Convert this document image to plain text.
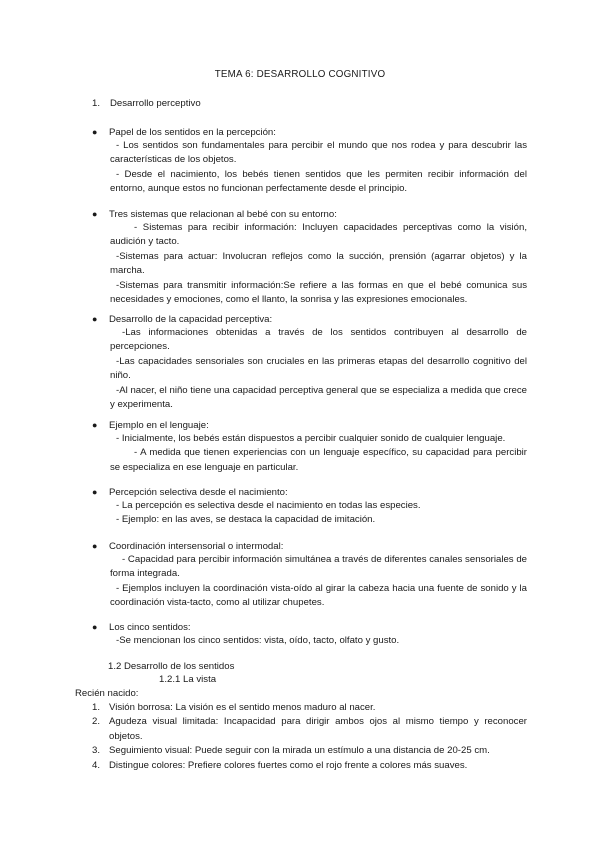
TEMA 6: DESARROLLO COGNITIVO
1. Desarrollo perceptivo
● Papel de los sentidos en la percepción:

- Los sentidos son fundamentales para percibir el mundo que nos rodea y para descubrir las características de los objetos.

- Desde el nacimiento, los bebés tienen sentidos que les permiten recibir información del entorno, aunque estos no funcionan perfectamente desde el principio.

● Tres sistemas que relacionan al bebé con su entorno:

- Sistemas para recibir información: Incluyen capacidades perceptivas como la visión, audición y tacto.

-Sistemas para actuar: Involucran reflejos como la succión, prensión (agarrar objetos) y la marcha.

-Sistemas para transmitir información:Se refiere a las formas en que el bebé comunica sus necesidades y emociones, como el llanto, la sonrisa y las expresiones emocionales.

● Desarrollo de la capacidad perceptiva:

-Las informaciones obtenidas a través de los sentidos contribuyen al desarrollo de percepciones.

-Las capacidades sensoriales son cruciales en las primeras etapas del desarrollo cognitivo del niño.

-Al nacer, el niño tiene una capacidad perceptiva general que se especializa a medida que crece y experimenta.

● Ejemplo en el lenguaje:

- Inicialmente, los bebés están dispuestos a percibir cualquier sonido de cualquier lenguaje.

- A medida que tienen experiencias con un lenguaje específico, su capacidad para percibir se especializa en ese lenguaje en particular.

● Percepción selectiva desde el nacimiento:

- La percepción es selectiva desde el nacimiento en todas las especies.

- Ejemplo: en las aves, se destaca la capacidad de imitación.

● Coordinación intersensorial o intermodal:

- Capacidad para percibir información simultánea a través de diferentes canales sensoriales de forma integrada.

- Ejemplos incluyen la coordinación vista-oído al girar la cabeza hacia una fuente de sonido y la coordinación vista-tacto, como al utilizar chupetes.

● Los cinco sentidos:

-Se mencionan los cinco sentidos: vista, oído, tacto, olfato y gusto.

1.2 Desarrollo de los sentidos
1.2.1 La vista
Recién nacido:
1. Visión borrosa: La visión es el sentido menos maduro al nacer.
2. Agudeza visual limitada: Incapacidad para dirigir ambos ojos al mismo tiempo y reconocer objetos.
3. Seguimiento visual: Puede seguir con la mirada un estímulo a una distancia de 20-25 cm.
4. Distingue colores: Prefiere colores fuertes como el rojo frente a colores más suaves.
